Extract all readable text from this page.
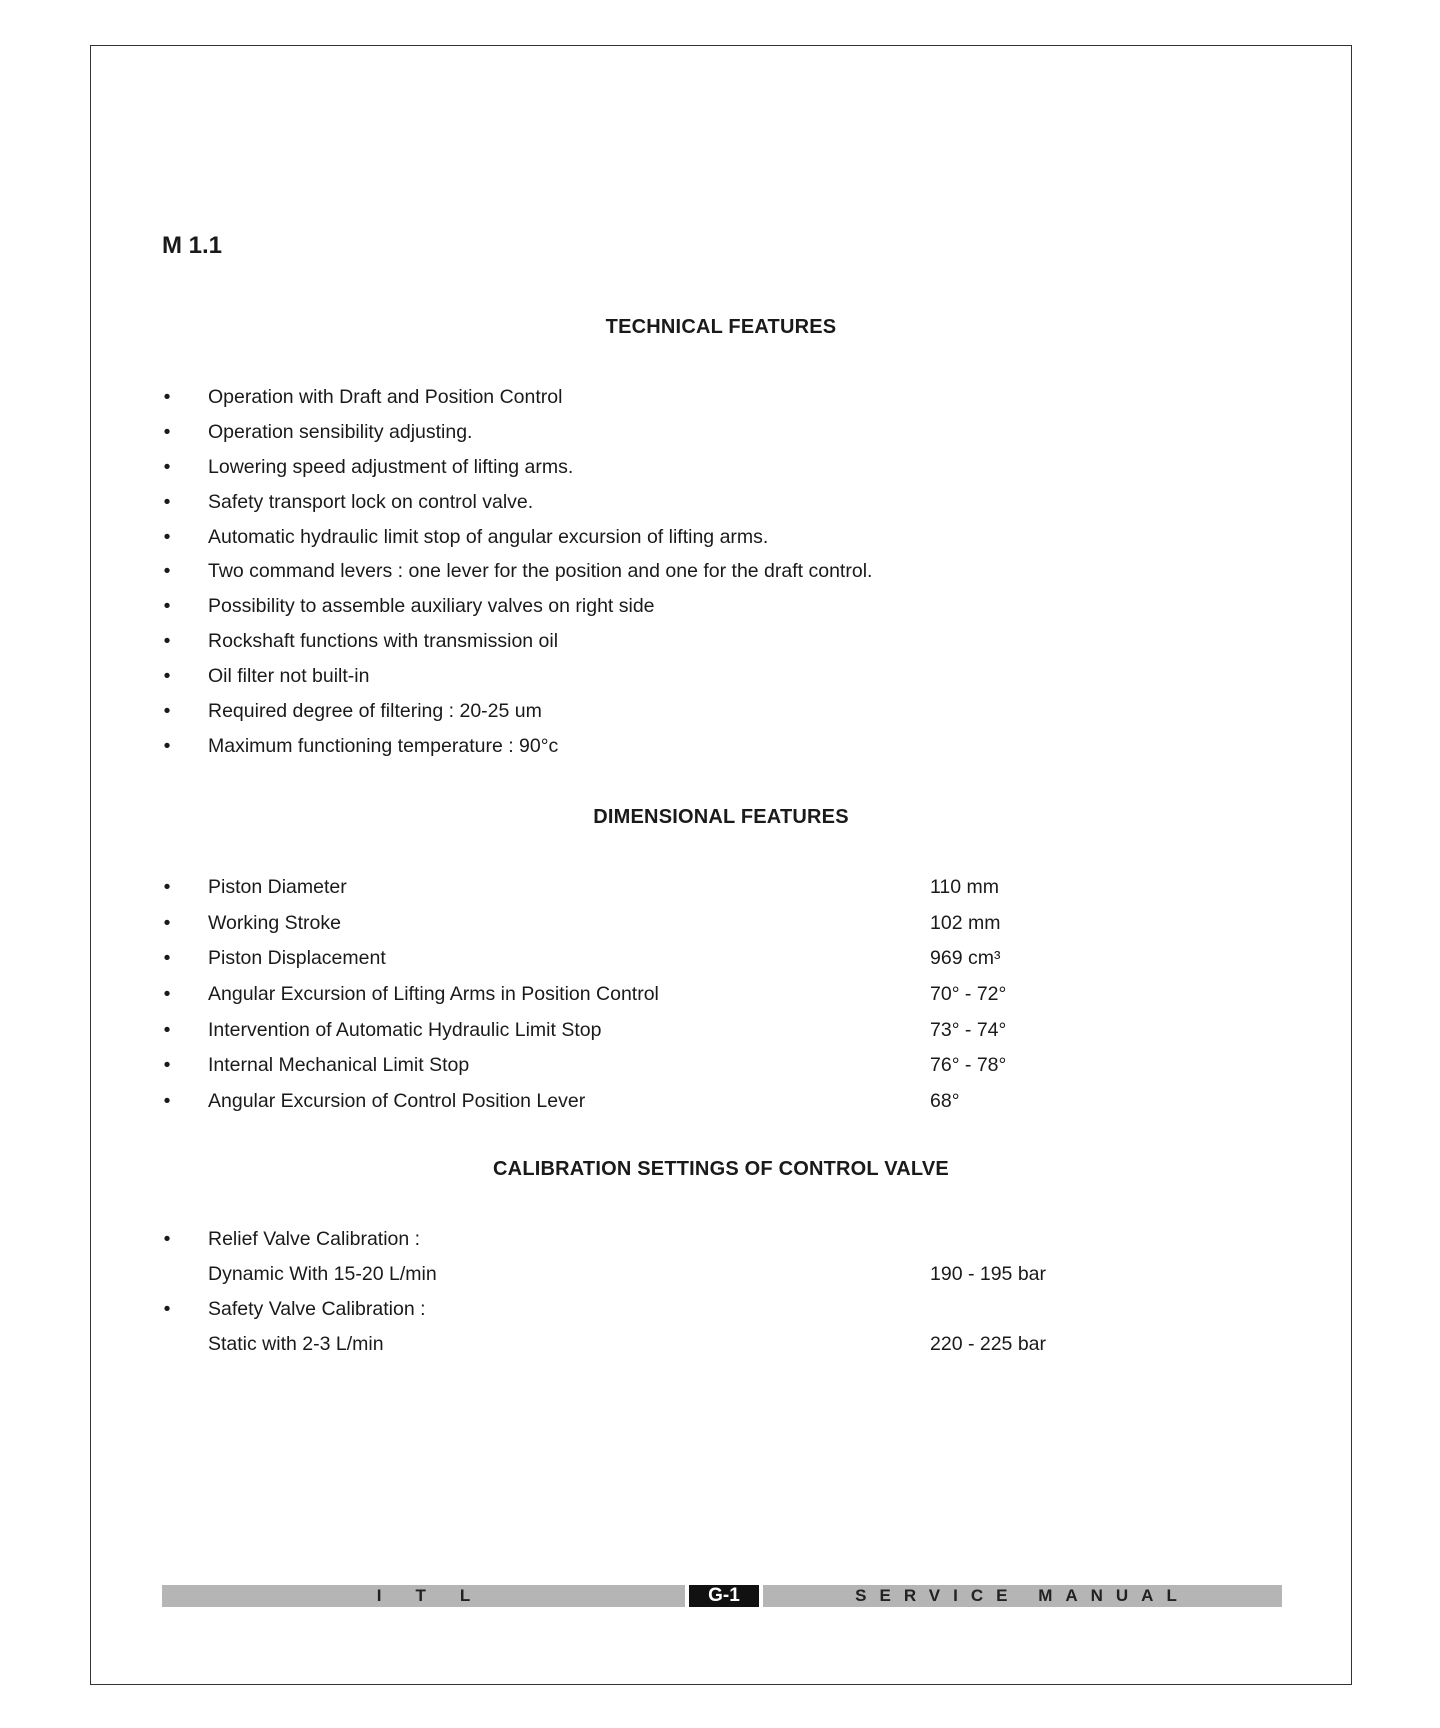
M 1.1
TECHNICAL FEATURES
• Operation with Draft and Position Control
• Operation sensibility adjusting.
• Lowering speed adjustment of lifting arms.
• Safety transport lock on control valve.
• Automatic hydraulic limit stop of angular excursion of lifting arms.
• Two command levers : one lever for the position and one for the draft control.
• Possibility to assemble auxiliary valves on right side
• Rockshaft functions with transmission oil
• Oil filter not built-in
• Required degree of filtering : 20-25 um
• Maximum functioning temperature : 90°c
DIMENSIONAL FEATURES
• Piston Diameter	110 mm
• Working Stroke	102 mm
• Piston Displacement	969 cm³
• Angular Excursion of Lifting Arms in Position Control	70° - 72°
• Intervention of Automatic Hydraulic Limit Stop	73° - 74°
• Internal Mechanical Limit Stop	76° - 78°
• Angular Excursion of Control Position Lever	68°
CALIBRATION SETTINGS OF CONTROL VALVE
• Relief Valve Calibration :
Dynamic With 15-20 L/min	190 - 195 bar
• Safety Valve Calibration :
Static with 2-3 L/min	220 - 225 bar
ITL	G-1	SERVICE MANUAL
